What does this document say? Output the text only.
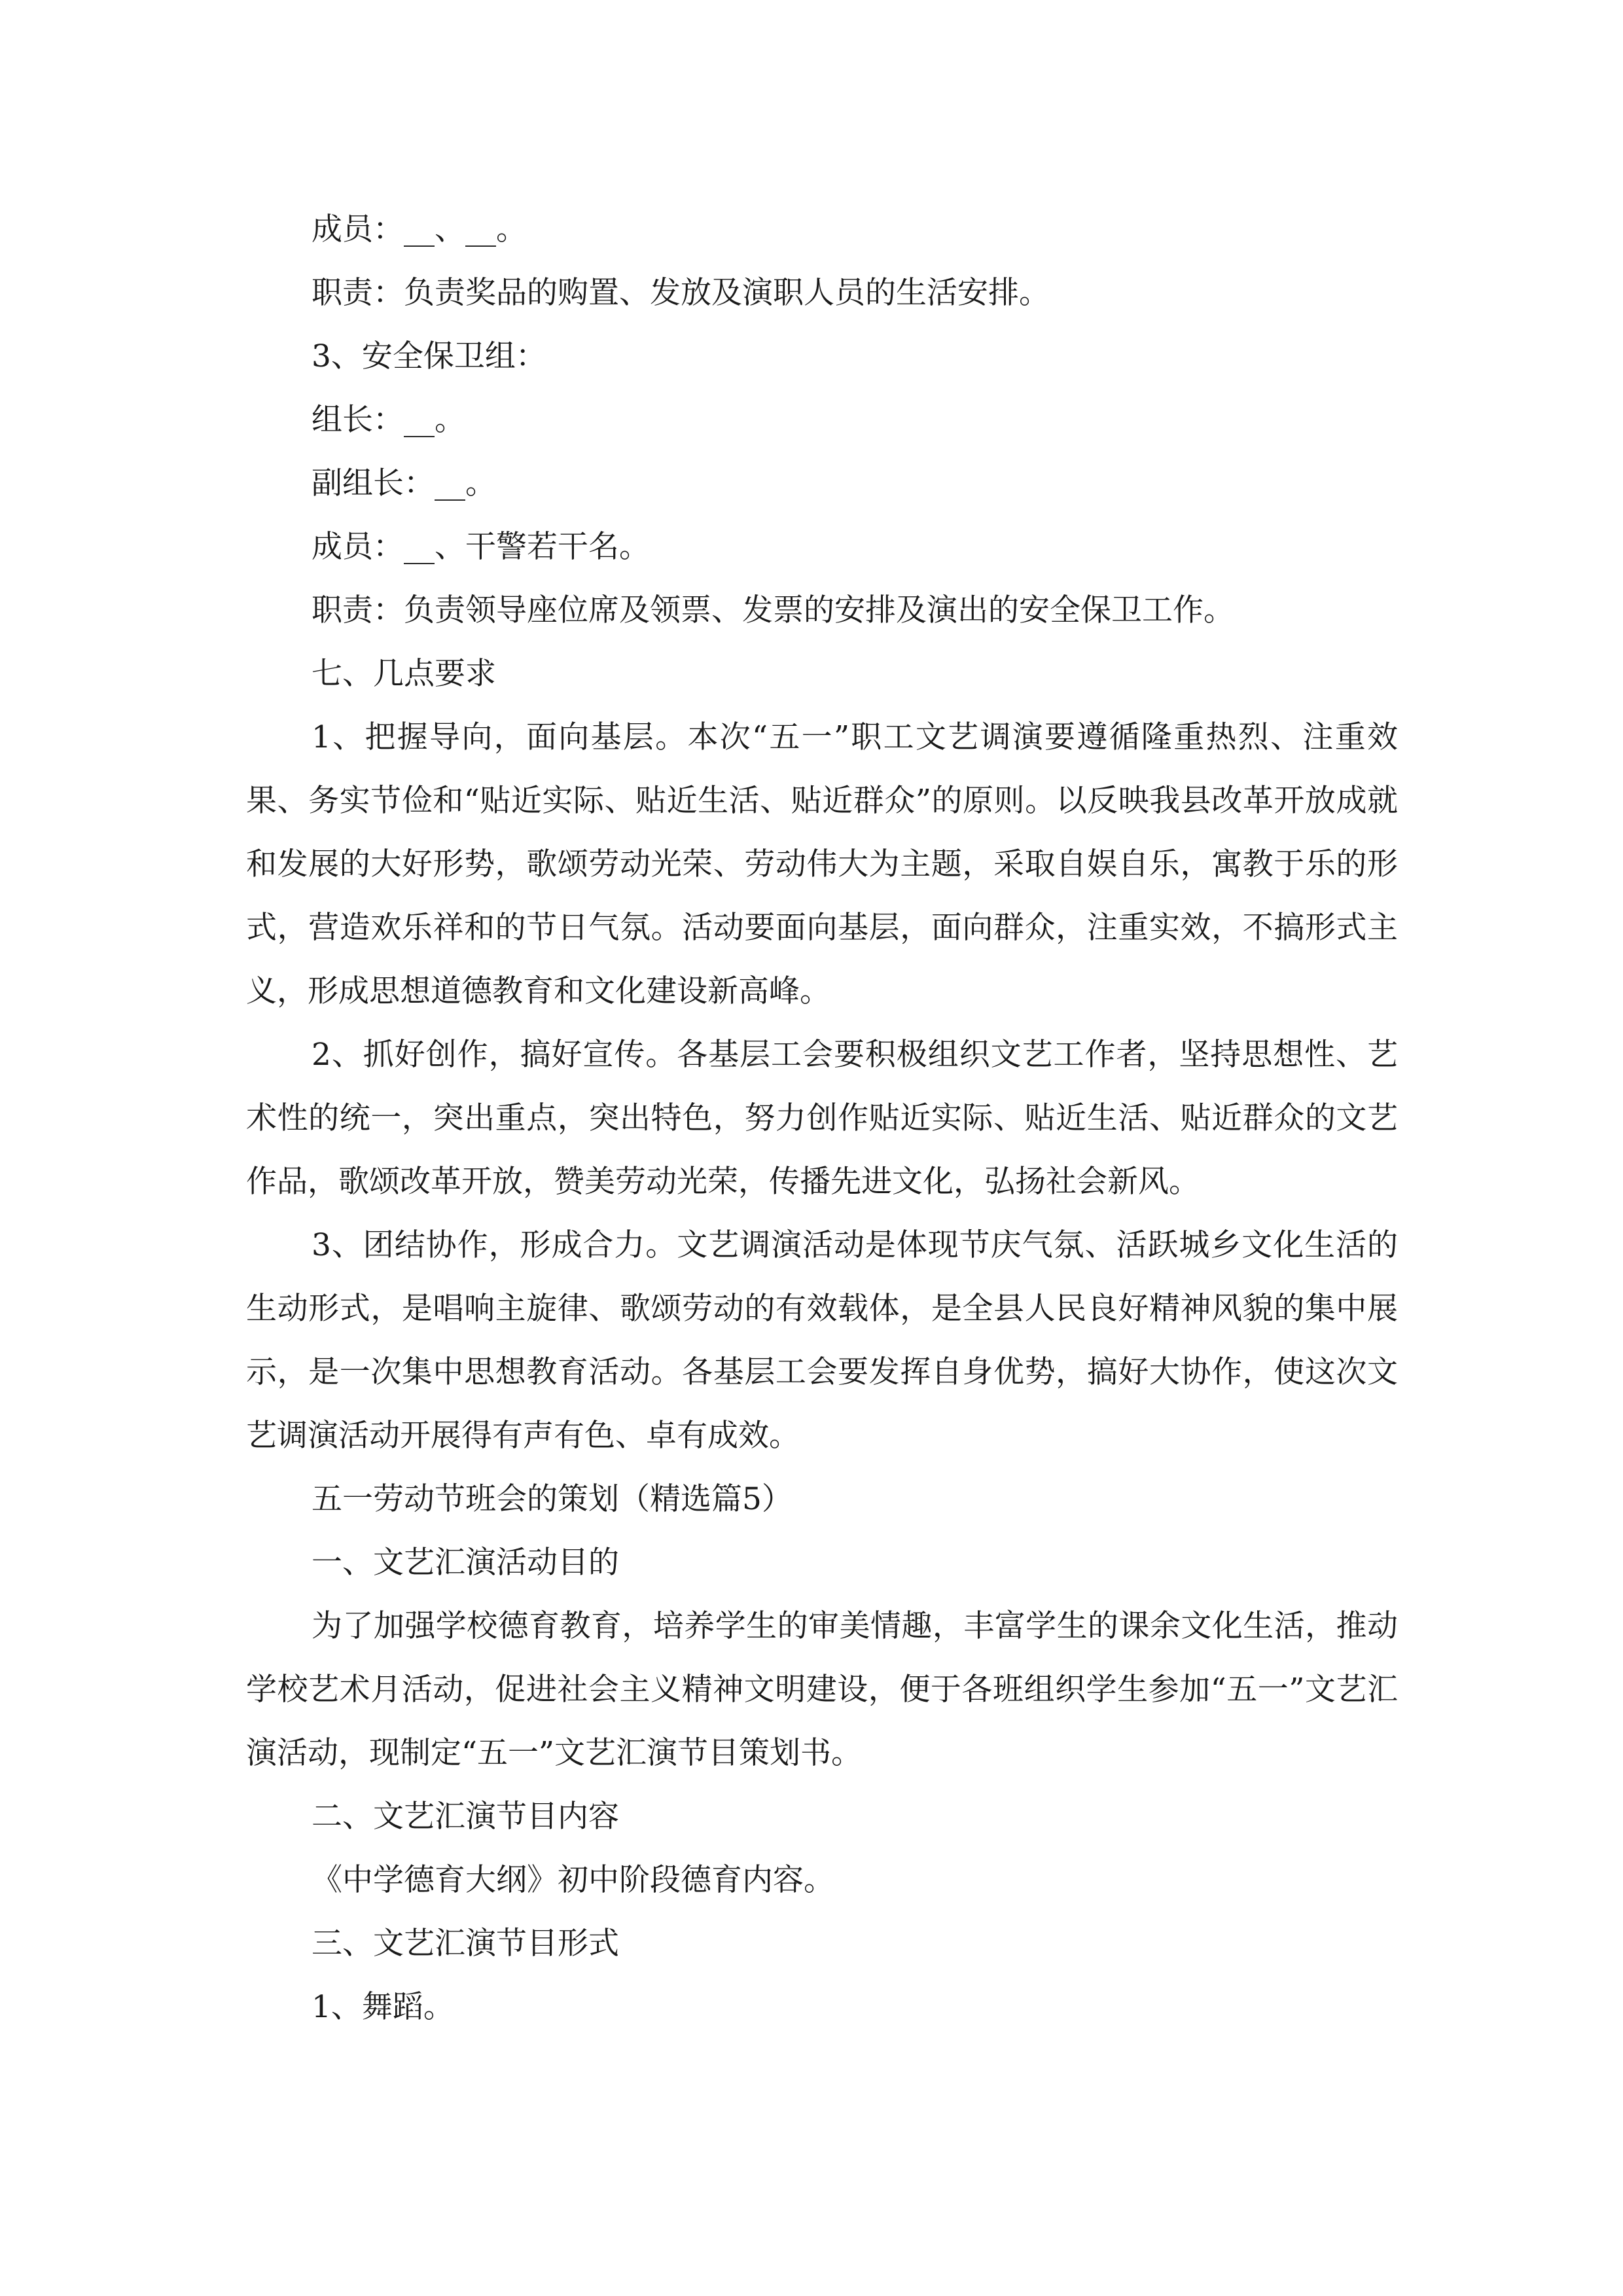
成员：__、__。
职责：负责奖品的购置、发放及演职人员的生活安排。
3、安全保卫组：
组长：__。
副组长：__。
成员：__、干警若干名。
职责：负责领导座位席及领票、发票的安排及演出的安全保卫工作。
七、几点要求
1、把握导向，面向基层。本次“五一”职工文艺调演要遵循隆重热烈、注重效果、务实节俭和“贴近实际、贴近生活、贴近群众”的原则。以反映我县改革开放成就和发展的大好形势，歌颂劳动光荣、劳动伟大为主题，采取自娱自乐，寓教于乐的形式，营造欢乐祥和的节日气氛。活动要面向基层，面向群众，注重实效，不搞形式主义，形成思想道德教育和文化建设新高峰。
2、抓好创作，搞好宣传。各基层工会要积极组织文艺工作者，坚持思想性、艺术性的统一，突出重点，突出特色，努力创作贴近实际、贴近生活、贴近群众的文艺作品，歌颂改革开放，赞美劳动光荣，传播先进文化，弘扬社会新风。
3、团结协作，形成合力。文艺调演活动是体现节庆气氛、活跃城乡文化生活的生动形式，是唱响主旋律、歌颂劳动的有效载体，是全县人民良好精神风貌的集中展示，是一次集中思想教育活动。各基层工会要发挥自身优势，搞好大协作，使这次文艺调演活动开展得有声有色、卓有成效。
五一劳动节班会的策划（精选篇5）
一、文艺汇演活动目的
为了加强学校德育教育，培养学生的审美情趣，丰富学生的课余文化生活，推动学校艺术月活动，促进社会主义精神文明建设，便于各班组织学生参加“五一”文艺汇演活动，现制定“五一”文艺汇演节目策划书。
二、文艺汇演节目内容
《中学德育大纲》初中阶段德育内容。
三、文艺汇演节目形式
1、舞蹈。
